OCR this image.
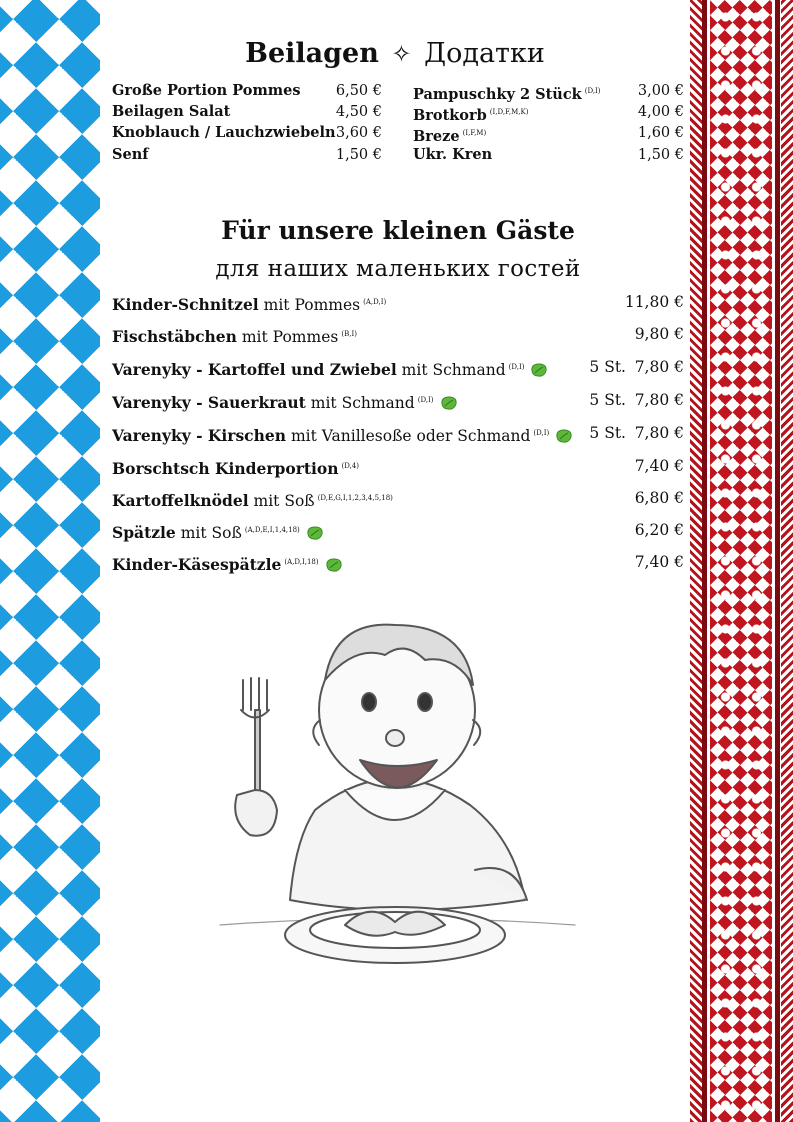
Beilagen ✧ Додатки
Große Portion Pommes 6,50 €
Beilagen Salat	4,50 €
Knoblauch / Lauchzwiebeln 3,60 €
Senf	1,50 €
Pampuschky 2 Stück $^{(D,I)}$	3,00 €
Brotkorb $^{(I,D,F,M,K)}$	4,00 €
Breze $^{(I,F,M)}$	1,60 €
Ukr. Kren	1,50 €
Für unsere kleinen Gäste
для наших маленьких гостей
Kinder-Schnitzel mit Pommes $^{(A,D,I)}$	11,80 €
Fischstäbchen mit Pommes $^{(B,I)}$	9,80 €
Varenyky - Kartoffel und Zwiebel mit Schmand $^{(D,I)}$	5 St. 7,80 €
Varenyky - Sauerkraut mit Schmand $^{(D,I)}$	5 St. 7,80 €
Varenyky - Kirschen mit Vanillesoße oder Schmand $^{(D,I)}$	5 St. 7,80 €
Borschtsch Kinderportion $^{(D,4)}$	7,40 €
Kartoffelknödel mit Soß $^{(D,E,G,I,1,2,3,4,5,18)}$	6,80 €
Spätzle mit Soß $^{(A,D,E,I,1,4,18)}$	6,20 €
Kinder-Käsespätzle $^{(A,D,I,18)}$	7,40 €
